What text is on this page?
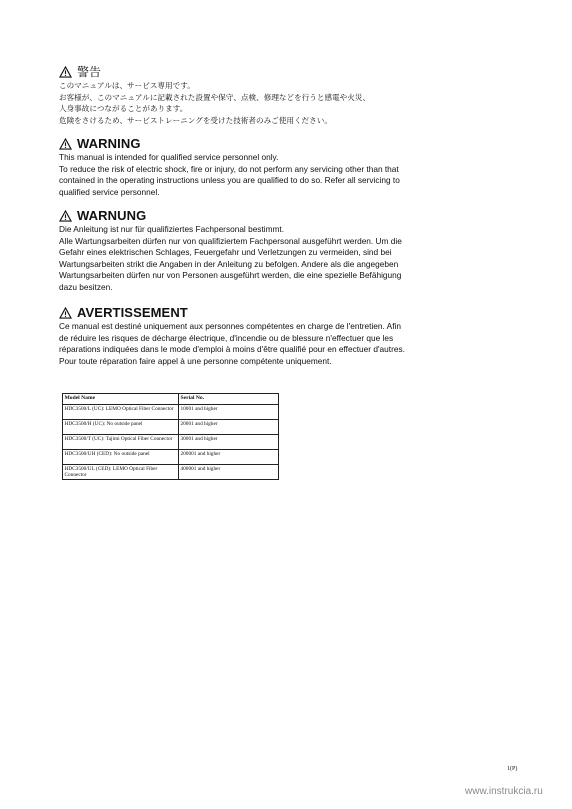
警告

このマニュアルは、サービス専用です。

お客様が、このマニュアルに記載された設置や保守、点検、修理などを行うと感電や火災、

人身事故につながることがあります。

危険をさけるため、サービストレーニングを受けた技術者のみご使用ください。

WARNING

This manual is intended for qualified service personnel only.

To reduce the risk of electric shock, fire or injury, do not perform any servicing other than that

contained in the operating instructions unless you are qualified to do so. Refer all servicing to

qualified service personnel.

WARNUNG

Die Anleitung ist nur für qualifiziertes Fachpersonal bestimmt.

Alle Wartungsarbeiten dürfen nur von qualifiziertem Fachpersonal ausgeführt werden. Um die

Gefahr eines elektrischen Schlages, Feuergefahr und Verletzungen zu vermeiden, sind bei

Wartungsarbeiten strikt die Angaben in der Anleitung zu befolgen. Andere als die angegeben

Wartungsarbeiten dürfen nur von Personen ausgeführt werden, die eine spezielle Befähigung

dazu besitzen.

AVERTISSEMENT

Ce manual est destiné uniquement aux personnes compétentes en charge de l'entretien. Afin

de réduire les risques de décharge électrique, d'incendie ou de blessure n'effectuer que les

réparations indiquées dans le mode d'emploi à moins d'être qualifié pour en effectuer d'autres.

Pour toute réparation faire appel à une personne compétente uniquement.

Model Name	Serial No.
HDC3500/L (UC): LEMO Optical Fiber Connector	10001 and higher
HDC3500/H (UC): No outside panel	20001 and higher
HDC3500/T (UC): Tajimi Optical Fiber Connector	30001 and higher
HDC3500/UH (CED): No outside panel	200001 and higher
HDC3500/UL (CED): LEMO Optical Fiber Connector	400001 and higher
1(P)
www.instrukcia.ru
